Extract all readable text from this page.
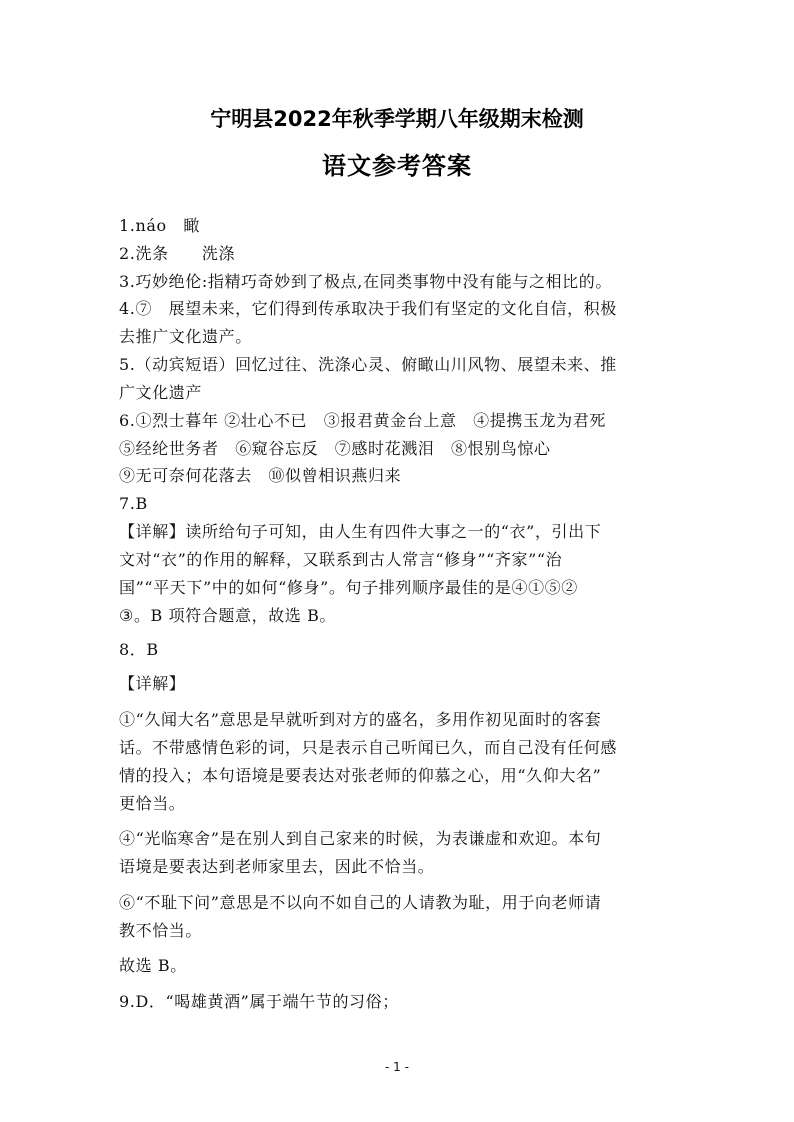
宁明县2022年秋季学期八年级期末检测
语文参考答案
1.náo　瞰
2.洗条　　洗涤
3.巧妙绝伦:指精巧奇妙到了极点,在同类事物中没有能与之相比的。
4.⑦　展望未来，它们得到传承取决于我们有坚定的文化自信，积极
去推广文化遗产。
5.（动宾短语）回忆过往、洗涤心灵、俯瞰山川风物、展望未来、推
广文化遗产
6.①烈士暮年 ②壮心不已　③报君黄金台上意　④提携玉龙为君死
⑤经纶世务者　⑥窥谷忘反　⑦感时花溅泪　⑧恨别鸟惊心
⑨无可奈何花落去　⑩似曾相识燕归来
7.B
【详解】读所给句子可知，由人生有四件大事之一的“衣”，引出下
文对“衣”的作用的解释，又联系到古人常言“修身”“齐家”“治
国”“平天下”中的如何“修身”。句子排列顺序最佳的是④①⑤②
③。B 项符合题意，故选 B。
8．B
【详解】
①“久闻大名”意思是早就听到对方的盛名，多用作初见面时的客套
话。不带感情色彩的词，只是表示自己听闻已久，而自己没有任何感
情的投入；本句语境是要表达对张老师的仰慕之心，用“久仰大名”
更恰当。
④“光临寒舍”是在别人到自己家来的时候，为表谦虚和欢迎。本句
语境是要表达到老师家里去，因此不恰当。
⑥“不耻下问”意思是不以向不如自己的人请教为耻，用于向老师请
教不恰当。
故选 B。
9.D．“喝雄黄酒”属于端午节的习俗；
- 1 -
